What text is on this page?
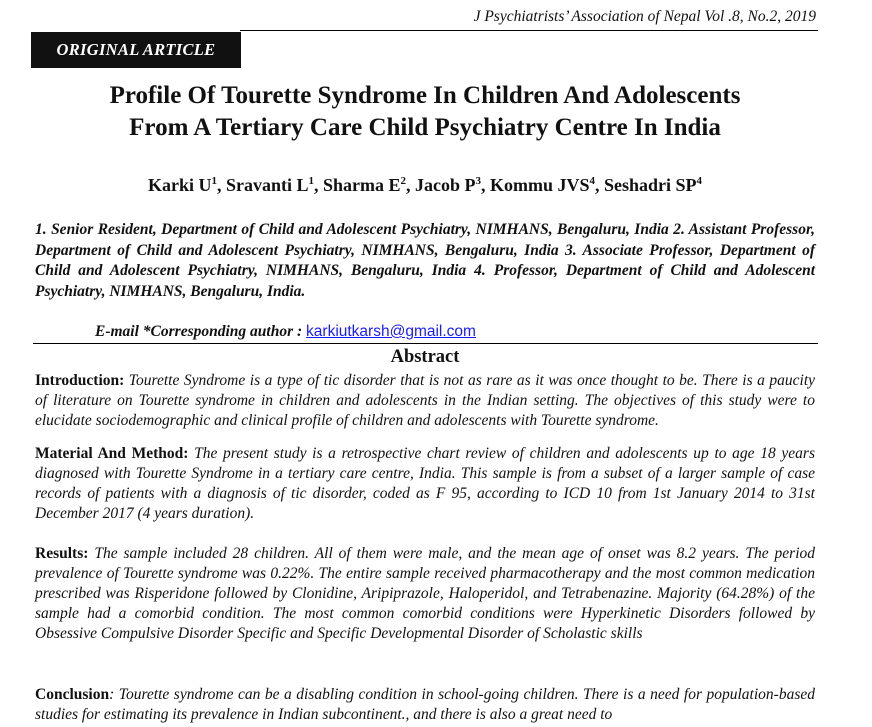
J Psychiatrists’ Association of Nepal Vol .8, No.2, 2019
ORIGINAL ARTICLE
Profile Of Tourette Syndrome In Children And Adolescents
From A Tertiary Care Child Psychiatry Centre In India
Karki $U^1$, Sravanti $L^1$, Sharma $E^2$, Jacob $P^3$, Kommu JVS$^4$, Seshadri $SP^4$
1. Senior Resident, Department of Child and Adolescent Psychiatry, NIMHANS, Bengaluru, India 2. Assistant Professor, Department of Child and Adolescent Psychiatry, NIMHANS, Bengaluru, India 3. Associate Professor, Department of Child and Adolescent Psychiatry, NIMHANS, Bengaluru, India 4. Professor, Department of Child and Adolescent Psychiatry, NIMHANS, Bengaluru, India.
E-mail *Corresponding author : karkiutkarsh@gmail.com
Abstract
Introduction: Tourette Syndrome is a type of tic disorder that is not as rare as it was once thought to be. There is a paucity of literature on Tourette syndrome in children and adolescents in the Indian setting. The objectives of this study were to elucidate sociodemographic and clinical profile of children and adolescents with Tourette syndrome.
Material And Method: The present study is a retrospective chart review of children and adolescents up to age 18 years diagnosed with Tourette Syndrome in a tertiary care centre, India. This sample is from a subset of a larger sample of case records of patients with a diagnosis of tic disorder, coded as F 95, according to ICD 10 from 1st January 2014 to 31st December 2017 (4 years duration).
Results: The sample included 28 children. All of them were male, and the mean age of onset was 8.2 years. The period prevalence of Tourette syndrome was 0.22%. The entire sample received pharmacotherapy and the most common medication prescribed was Risperidone followed by Clonidine, Aripiprazole, Haloperidol, and Tetrabenazine. Majority (64.28%) of the sample had a comorbid condition. The most common comorbid conditions were Hyperkinetic Disorders followed by Obsessive Compulsive Disorder Specific and Specific Developmental Disorder of Scholastic skills
Conclusion: Tourette syndrome can be a disabling condition in school-going children. There is a need for population-based studies for estimating its prevalence in Indian subcontinent., and there is also a great need to
